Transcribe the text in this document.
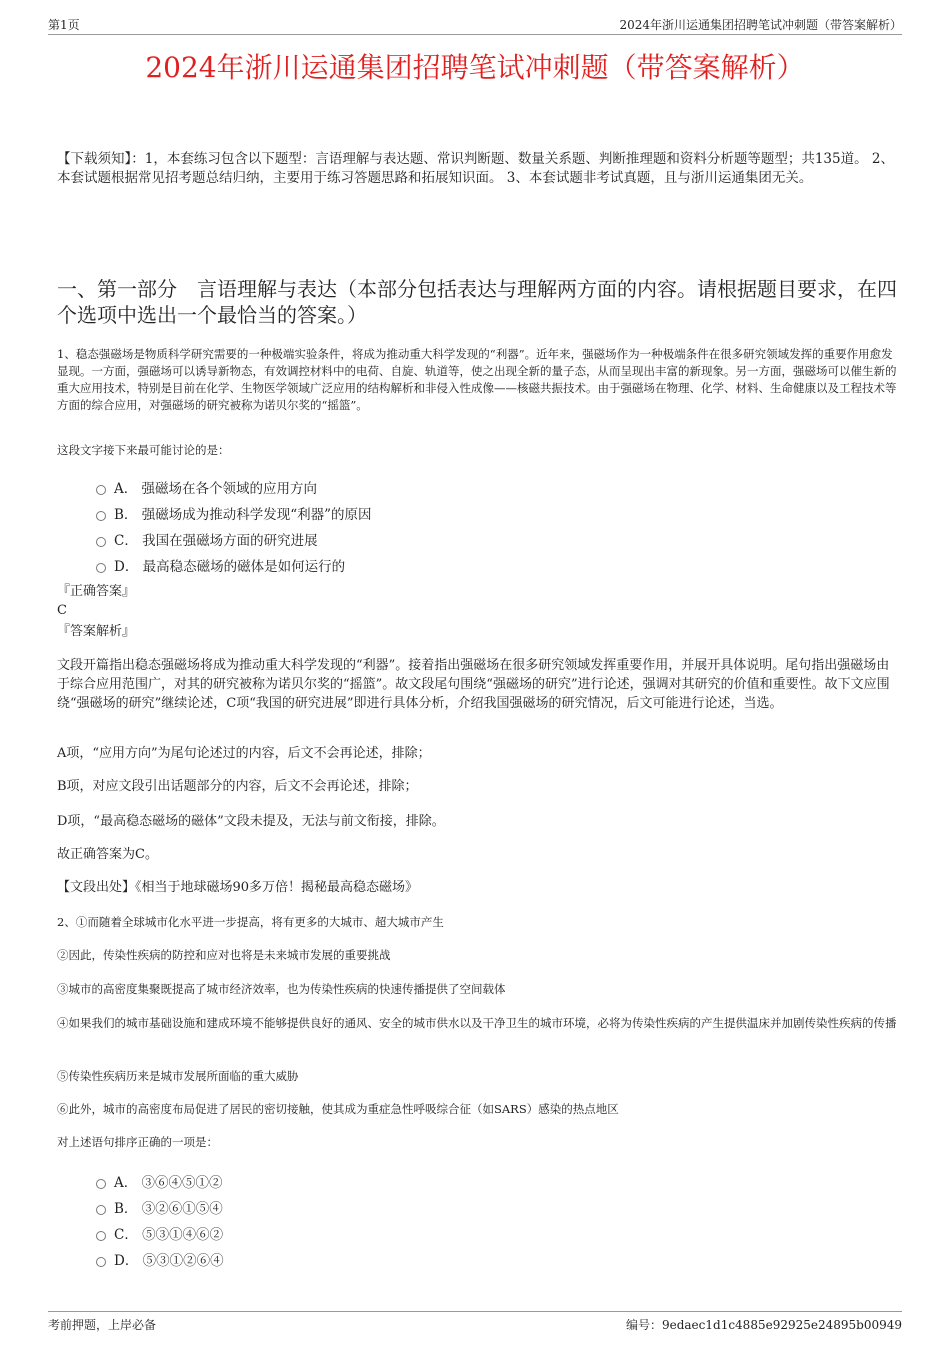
第1页	2024年浙川运通集团招聘笔试冲刺题（带答案解析）
2024年浙川运通集团招聘笔试冲刺题（带答案解析）
【下载须知】：1，本套练习包含以下题型：言语理解与表达题、常识判断题、数量关系题、判断推理题和资料分析题等题型；共135道。 2、本套试题根据常见招考题总结归纳，主要用于练习答题思路和拓展知识面。 3、本套试题非考试真题，且与浙川运通集团无关。
一、第一部分　言语理解与表达（本部分包括表达与理解两方面的内容。请根据题目要求，在四个选项中选出一个最恰当的答案。）
1、稳态强磁场是物质科学研究需要的一种极端实验条件，将成为推动重大科学发现的“利器”。近年来，强磁场作为一种极端条件在很多研究领域发挥的重要作用愈发显现。一方面，强磁场可以诱导新物态，有效调控材料中的电荷、自旋、轨道等，使之出现全新的量子态，从而呈现出丰富的新现象。另一方面，强磁场可以催生新的重大应用技术，特别是目前在化学、生物医学领域广泛应用的结构解析和非侵入性成像——核磁共振技术。由于强磁场在物理、化学、材料、生命健康以及工程技术等方面的综合应用，对强磁场的研究被称为诺贝尔奖的“摇篮”。
这段文字接下来最可能讨论的是：
A． 强磁场在各个领域的应用方向
B． 强磁场成为推动科学发现“利器”的原因
C． 我国在强磁场方面的研究进展
D． 最高稳态磁场的磁体是如何运行的
『正确答案』
C
『答案解析』
文段开篇指出稳态强磁场将成为推动重大科学发现的“利器”。接着指出强磁场在很多研究领域发挥重要作用，并展开具体说明。尾句指出强磁场由于综合应用范围广，对其的研究被称为诺贝尔奖的“摇篮”。故文段尾句围绕“强磁场的研究”进行论述，强调对其研究的价值和重要性。故下文应围绕“强磁场的研究”继续论述，C项“我国的研究进展”即进行具体分析，介绍我国强磁场的研究情况，后文可能进行论述，当选。
A项，“应用方向”为尾句论述过的内容，后文不会再论述，排除；
B项，对应文段引出话题部分的内容，后文不会再论述，排除；
D项，“最高稳态磁场的磁体”文段未提及，无法与前文衔接，排除。
故正确答案为C。
【文段出处】《相当于地球磁场90多万倍！揭秘最高稳态磁场》
2、①而随着全球城市化水平进一步提高，将有更多的大城市、超大城市产生
②因此，传染性疾病的防控和应对也将是未来城市发展的重要挑战
③城市的高密度集聚既提高了城市经济效率，也为传染性疾病的快速传播提供了空间载体
④如果我们的城市基础设施和建成环境不能够提供良好的通风、安全的城市供水以及干净卫生的城市环境，必将为传染性疾病的产生提供温床并加剧传染性疾病的传播
⑤传染性疾病历来是城市发展所面临的重大威胁
⑥此外，城市的高密度布局促进了居民的密切接触，使其成为重症急性呼吸综合征（如SARS）感染的热点地区
对上述语句排序正确的一项是：
A． ③⑥④⑤①②
B． ③②⑥①⑤④
C． ⑤③①④⑥②
D． ⑤③①②⑥④
考前押题，上岸必备	编号：9edaec1d1c4885e92925e24895b00949
